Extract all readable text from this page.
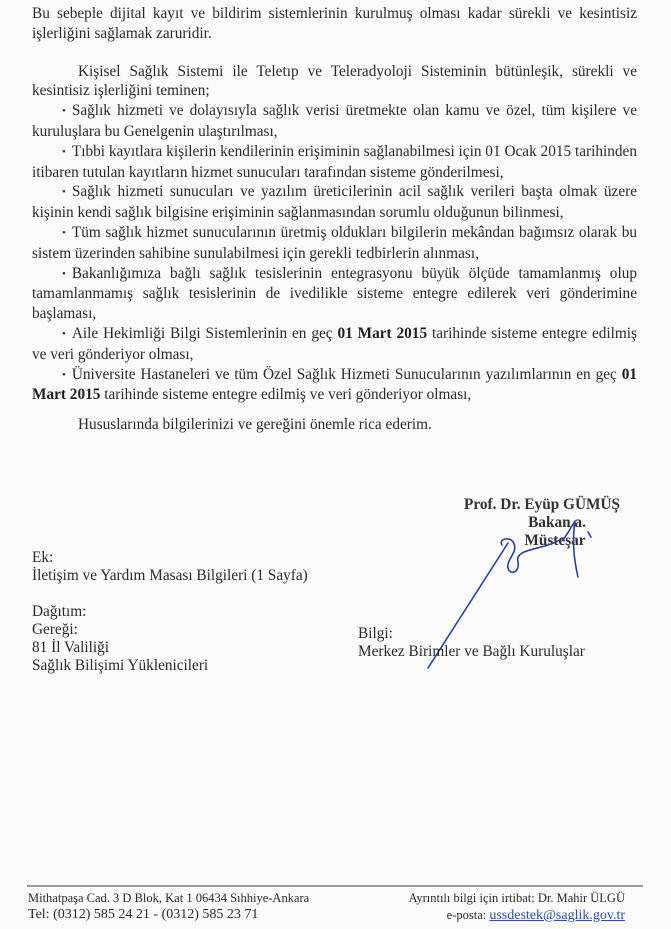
Bu sebeple dijital kayıt ve bildirim sistemlerinin kurulmuş olması kadar sürekli ve kesintisiz işlerliğini sağlamak zaruridir.

Kişisel Sağlık Sistemi ile Teletıp ve Teleradyoloji Sisteminin bütünleşik, sürekli ve kesintisiz işlerliğini teminen;

• Sağlık hizmeti ve dolayısıyla sağlık verisi üretmekte olan kamu ve özel, tüm kişilere ve kuruluşlara bu Genelgenin ulaştırılması,

• Tıbbi kayıtlara kişilerin kendilerinin erişiminin sağlanabilmesi için 01 Ocak 2015 tarihinden itibaren tutulan kayıtların hizmet sunucuları tarafından sisteme gönderilmesi,

• Sağlık hizmeti sunucuları ve yazılım üreticilerinin acil sağlık verileri başta olmak üzere kişinin kendi sağlık bilgisine erişiminin sağlanmasından sorumlu olduğunun bilinmesi,

• Tüm sağlık hizmet sunucularının üretmiş oldukları bilgilerin mekândan bağımsız olarak bu sistem üzerinden sahibine sunulabilmesi için gerekli tedbirlerin alınması,

• Bakanlığımıza bağlı sağlık tesislerinin entegrasyonu büyük ölçüde tamamlanmış olup tamamlanmamış sağlık tesislerinin de ivedilikle sisteme entegre edilerek veri gönderimine başlaması,

• Aile Hekimliği Bilgi Sistemlerinin en geç 01 Mart 2015 tarihinde sisteme entegre edilmiş ve veri gönderiyor olması,

• Üniversite Hastaneleri ve tüm Özel Sağlık Hizmeti Sunucularının yazılımlarının en geç 01 Mart 2015 tarihinde sisteme entegre edilmiş ve veri gönderiyor olması,

Hususlarında bilgilerinizi ve gereğini önemle rica ederim.

Prof. Dr. Eyüp GÜMÜŞ
Bakan a.
Müsteşar
Ek:
İletişim ve Yardım Masası Bilgileri (1 Sayfa)
Dağıtım:
Gereği:
81 İl Valiliği
Sağlık Bilişimi Yüklenicileri
Bilgi:
Merkez Birimler ve Bağlı Kuruluşlar
Mithatpaşa Cad. 3 D Blok, Kat 1 06434 Sıhhiye-Ankara
Tel: (0312) 585 24 21 - (0312) 585 23 71
Ayrıntılı bilgi için irtibat: Dr. Mahir ÜLGÜ
e-posta: ussdestek@saglik.gov.tr
